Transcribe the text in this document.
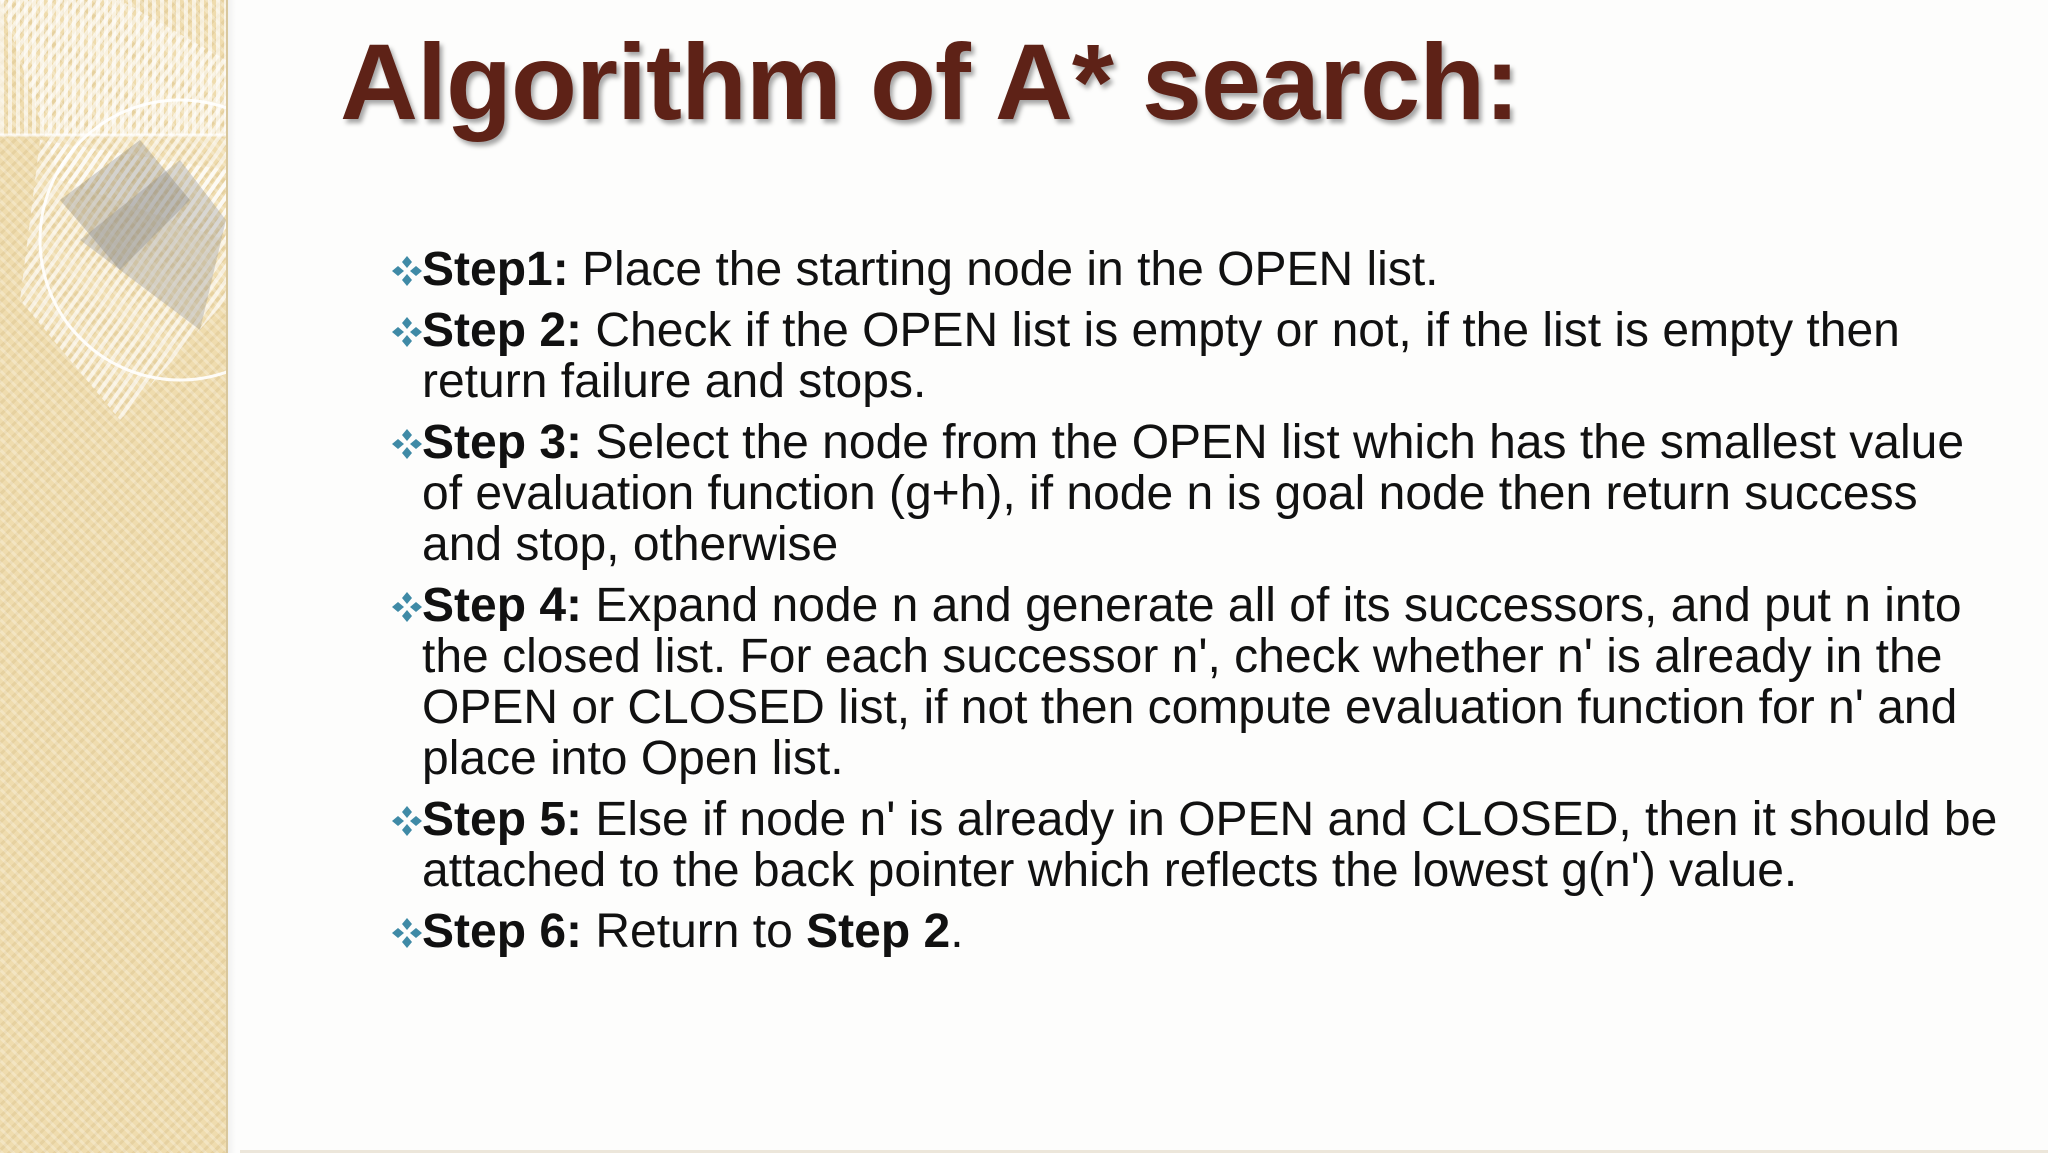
Algorithm of A* search:
Step1: Place the starting node in the OPEN list.
Step 2: Check if the OPEN list is empty or not, if the list is empty then return failure and stops.
Step 3: Select the node from the OPEN list which has the smallest value of evaluation function (g+h), if node n is goal node then return success and stop, otherwise
Step 4: Expand node n and generate all of its successors, and put n into the closed list. For each successor n', check whether n' is already in the OPEN or CLOSED list, if not then compute evaluation function for n' and place into Open list.
Step 5: Else if node n' is already in OPEN and CLOSED, then it should be attached to the back pointer which reflects the lowest g(n') value.
Step 6: Return to Step 2.
